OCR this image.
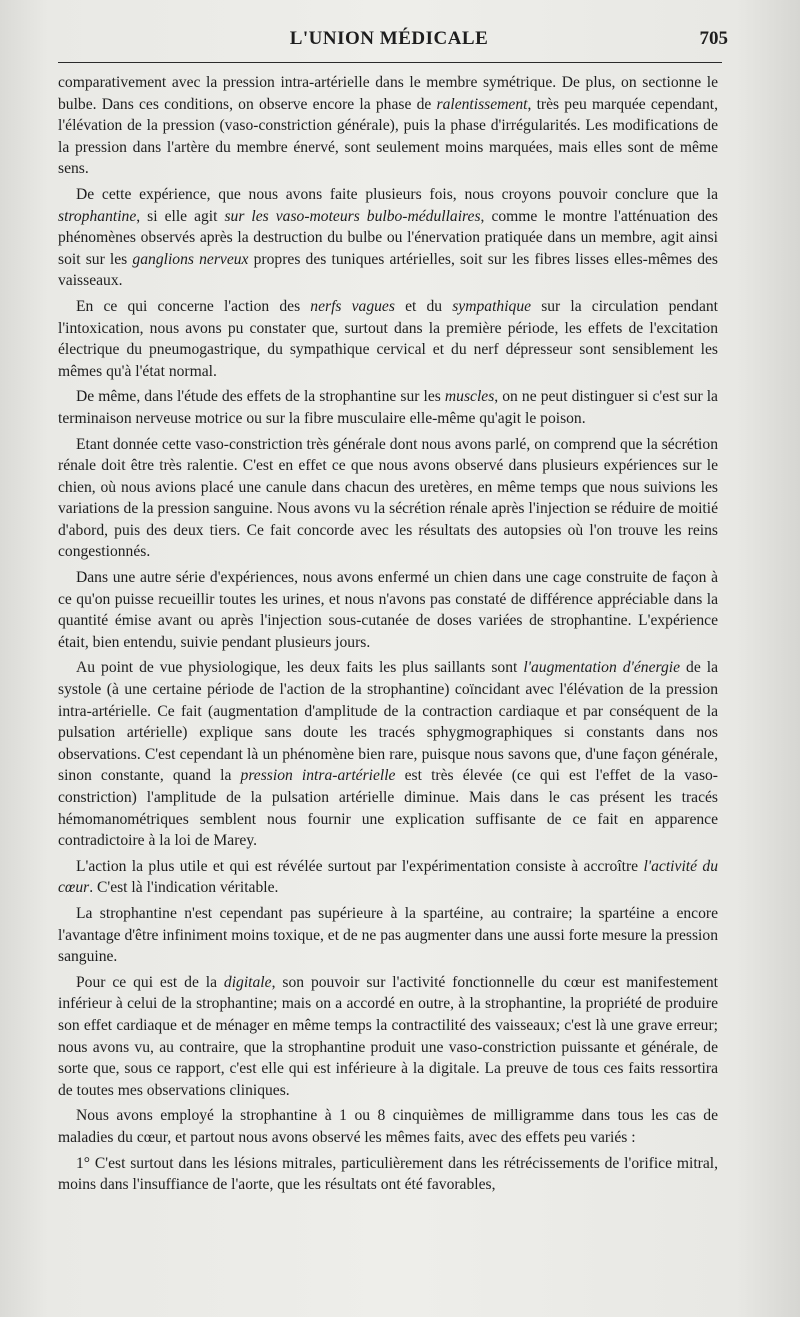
L'UNION MÉDICALE	705

comparativement avec la pression intra-artérielle dans le membre symétrique. De plus, on sectionne le bulbe. Dans ces conditions, on observe encore la phase de ralentissement, très peu marquée cependant, l'élévation de la pression (vaso-constriction générale), puis la phase d'irrégularités. Les modifications de la pression dans l'artère du membre énervé, sont seulement moins marquées, mais elles sont de même sens.

De cette expérience, que nous avons faite plusieurs fois, nous croyons pouvoir conclure que la strophantine, si elle agit sur les vaso-moteurs bulbo-médullaires, comme le montre l'atténuation des phénomènes observés après la destruction du bulbe ou l'énervation pratiquée dans un membre, agit ainsi soit sur les ganglions nerveux propres des tuniques artérielles, soit sur les fibres lisses elles-mêmes des vaisseaux.

En ce qui concerne l'action des nerfs vagues et du sympathique sur la circulation pendant l'intoxication, nous avons pu constater que, surtout dans la première période, les effets de l'excitation électrique du pneumogastrique, du sympathique cervical et du nerf dépresseur sont sensiblement les mêmes qu'à l'état normal.

De même, dans l'étude des effets de la strophantine sur les muscles, on ne peut distinguer si c'est sur la terminaison nerveuse motrice ou sur la fibre musculaire elle-même qu'agit le poison.

Etant donnée cette vaso-constriction très générale dont nous avons parlé, on comprend que la sécrétion rénale doit être très ralentie. C'est en effet ce que nous avons observé dans plusieurs expériences sur le chien, où nous avions placé une canule dans chacun des uretères, en même temps que nous suivions les variations de la pression sanguine. Nous avons vu la sécrétion rénale après l'injection se réduire de moitié d'abord, puis des deux tiers. Ce fait concorde avec les résultats des autopsies où l'on trouve les reins congestionnés.

Dans une autre série d'expériences, nous avons enfermé un chien dans une cage construite de façon à ce qu'on puisse recueillir toutes les urines, et nous n'avons pas constaté de différence appréciable dans la quantité émise avant ou après l'injection sous-cutanée de doses variées de strophantine. L'expérience était, bien entendu, suivie pendant plusieurs jours.

Au point de vue physiologique, les deux faits les plus saillants sont l'augmentation d'énergie de la systole (à une certaine période de l'action de la strophantine) coïncidant avec l'élévation de la pression intra-artérielle. Ce fait (augmentation d'amplitude de la contraction cardiaque et par conséquent de la pulsation artérielle) explique sans doute les tracés sphygmographiques si constants dans nos observations. C'est cependant là un phénomène bien rare, puisque nous savons que, d'une façon générale, sinon constante, quand la pression intra-artérielle est très élevée (ce qui est l'effet de la vaso-constriction) l'amplitude de la pulsation artérielle diminue. Mais dans le cas présent les tracés hémomanométriques semblent nous fournir une explication suffisante de ce fait en apparence contradictoire à la loi de Marey.

L'action la plus utile et qui est révélée surtout par l'expérimentation consiste à accroître l'activité du cœur. C'est là l'indication véritable.

La strophantine n'est cependant pas supérieure à la spartéine, au contraire; la spartéine a encore l'avantage d'être infiniment moins toxique, et de ne pas augmenter dans une aussi forte mesure la pression sanguine.

Pour ce qui est de la digitale, son pouvoir sur l'activité fonctionnelle du cœur est manifestement inférieur à celui de la strophantine; mais on a accordé en outre, à la strophantine, la propriété de produire son effet cardiaque et de ménager en même temps la contractilité des vaisseaux; c'est là une grave erreur; nous avons vu, au contraire, que la strophantine produit une vaso-constriction puissante et générale, de sorte que, sous ce rapport, c'est elle qui est inférieure à la digitale. La preuve de tous ces faits ressortira de toutes mes observations cliniques.

Nous avons employé la strophantine à 1 ou 8 cinquièmes de milligramme dans tous les cas de maladies du cœur, et partout nous avons observé les mêmes faits, avec des effets peu variés :

1° C'est surtout dans les lésions mitrales, particulièrement dans les rétrécissements de l'orifice mitral, moins dans l'insuffiance de l'aorte, que les résultats ont été favorables,
